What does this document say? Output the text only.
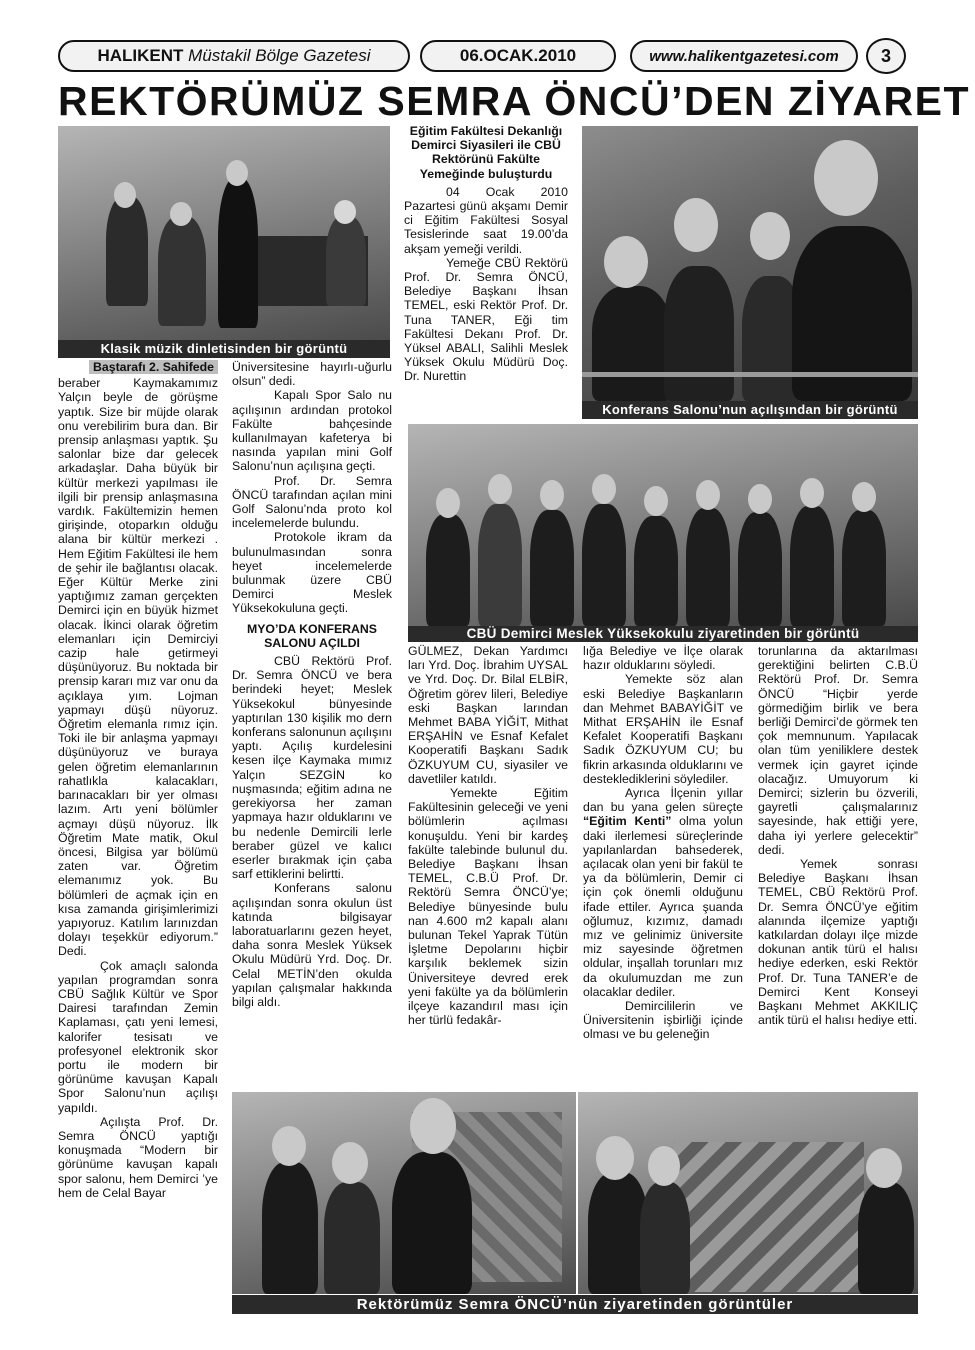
HALIKENT
Müstakil Bölge Gazetesi	06.OCAK.2010	www.halikentgazetesi.com 3
REKTÖRÜMÜZ SEMRA ÖNCÜ’DEN ZİYARET
Klasik müzik dinletisinden bir görüntü
Konferans Salonu’nun açılışından bir görüntü
CBÜ Demirci Meslek Yüksekokulu ziyaretinden bir görüntü
Rektörümüz Semra ÖNCÜ’nün ziyaretinden görüntüler
Baştarafı 2. Sahifede

beraber Kaymakamımız Yalçın beyle de görüşme yaptık. Size bir müjde olarak onu verebilirim bura dan. Bir prensip anlaşması yaptık. Şu salonlar bize dar gelecek arkadaşlar. Daha büyük bir kültür merkezi yapılması ile ilgili bir prensip anlaşmasına vardık. Fakültemizin hemen girişinde, otoparkın olduğu alana bir kültür merkezi . Hem Eğitim Fakültesi ile hem de şehir ile bağlantısı olacak. Eğer Kültür Merke zini yaptığımız zaman gerçekten Demirci için en büyük hizmet olacak. İkinci olarak öğretim elemanları için Demirciyi cazip hale getirmeyi düşünüyoruz. Bu noktada bir prensip kararı mız var onu da açıklaya yım. Lojman yapmayı düşü nüyoruz. Öğretim elemanla rımız için. Toki ile bir anlaşma yapmayı düşünüyoruz ve buraya gelen öğretim elemanlarının rahatlıkla kalacakları, barınacakları bir yer olması lazım. Artı yeni bölümler açmayı düşü nüyoruz. İlk Öğretim Mate matik, Okul öncesi, Bilgisa yar bölümü zaten var. Öğretim elemanımız yok. Bu bölümleri de açmak için en kısa zamanda girişimlerimizi yapıyoruz. Katılım larınızdan dolayı teşekkür ediyorum.” Dedi.

Çok amaçlı salonda yapılan programdan sonra CBÜ Sağlık Kültür ve Spor Dairesi tarafından Zemin Kaplaması, çatı yeni lemesi, kalorifer tesisatı ve profesyonel elektronik skor portu ile modern bir görünüme kavuşan Kapalı Spor Salonu’nun açılışı yapıldı.

Açılışta Prof. Dr. Semra ÖNCÜ yaptığı konuşmada “Modern bir görünüme kavuşan kapalı spor salonu, hem Demirci ’ye hem de Celal Bayar

Üniversitesine hayırlı-uğurlu olsun” dedi.

Kapalı Spor Salo nu açılışının ardından protokol Fakülte bahçesinde kullanılmayan kafeterya bi nasında yapılan mini Golf Salonu’nun açılışına geçti.

Prof. Dr. Semra ÖNCÜ tarafından açılan mini Golf Salonu’nda proto kol incelemelerde bulundu.

Protokole ikram da bulunulmasından sonra heyet incelemelerde bulunmak üzere CBÜ Demirci Meslek Yüksekokuluna geçti.

MYO’DA KONFERANS SALONU AÇILDI

CBÜ Rektörü Prof. Dr. Semra ÖNCÜ ve bera berindeki heyet; Meslek Yüksekokul bünyesinde yaptırılan 130 kişilik mo dern konferans salonunun açılışını yaptı. Açılış kurdelesini kesen ilçe Kaymaka mımız Yalçın SEZGİN ko nuşmasında; eğitim adına ne gerekiyorsa her zaman yapmaya hazır olduklarını ve bu nedenle Demircili lerle beraber güzel ve kalıcı eserler bırakmak için çaba sarf ettiklerini belirtti.

Konferans salonu açılışından sonra okulun üst katında bilgisayar laboratuarlarını gezen heyet, daha sonra Meslek Yüksek Okulu Müdürü Yrd. Doç. Dr. Celal METİN’den okulda yapılan çalışmalar hakkında bilgi aldı.

Eğitim Fakültesi Dekanlığı Demirci Siyasileri ile CBÜ Rektörünü Fakülte Yemeğinde buluşturdu

04 Ocak 2010 Pazartesi günü akşamı Demir ci Eğitim Fakültesi Sosyal Tesislerinde saat 19.00’da akşam yemeği verildi.

Yemeğe CBÜ Rektörü Prof. Dr. Semra ÖNCÜ, Belediye Başkanı İhsan TEMEL, eski Rektör Prof. Dr. Tuna TANER, Eği tim Fakültesi Dekanı Prof. Dr. Yüksel ABALI, Salihli Meslek Yüksek Okulu Müdürü Doç. Dr. Nurettin

GÜLMEZ, Dekan Yardımcı ları Yrd. Doç. İbrahim UYSAL ve Yrd. Doç. Dr. Bilal ELBİR, Öğretim görev lileri, Belediye eski Başkan larından Mehmet BABA YİĞİT, Mithat ERŞAHİN ve Esnaf Kefalet Kooperatifi Başkanı Sadık ÖZKUYUM CU, siyasiler ve davetliler katıldı.

Yemekte Eğitim Fakültesinin geleceği ve yeni bölümlerin açılması konuşuldu. Yeni bir kardeş fakülte talebinde bulunul du. Belediye Başkanı İhsan TEMEL, C.B.Ü Prof. Dr. Rektörü Semra ÖNCÜ’ye; Belediye bünyesinde bulu nan 4.600 m2 kapalı alanı bulunan Tekel Yaprak Tütün İşletme Depolarını hiçbir karşılık beklemek sizin Üniversiteye devred erek yeni fakülte ya da bölümlerin ilçeye kazandırıl ması için her türlü fedakâr-

lığa Belediye ve İlçe olarak hazır olduklarını söyledi.

Yemekte söz alan eski Belediye Başkanların dan Mehmet BABAYİĞİT ve Mithat ERŞAHİN ile Esnaf Kefalet Kooperatifi Başkanı Sadık ÖZKUYUM CU; bu fikrin arkasında olduklarını ve desteklediklerini söylediler.

Ayrıca İlçenin yıllar dan bu yana gelen süreçte “Eğitim Kenti” olma yolun daki ilerlemesi süreçlerinde yapılanlardan bahsederek, açılacak olan yeni bir fakül te ya da bölümlerin, Demir ci için çok önemli olduğunu ifade ettiler. Ayrıca şuanda oğlumuz, kızımız, damadı mız ve gelinimiz üniversite miz sayesinde öğretmen oldular, inşallah torunları mız da okulumuzdan me zun olacaklar dediler.

Demircililerin ve Üniversitenin işbirliği içinde olması ve bu geleneğin

torunlarına da aktarılması gerektiğini belirten C.B.Ü Rektörü Prof. Dr. Semra ÖNCÜ “Hiçbir yerde görmediğim birlik ve bera berliği Demirci’de görmek ten çok memnunum. Yapılacak olan tüm yeniliklere destek vermek için gayret içinde olacağız. Umuyorum ki Demirci; sizlerin bu özverili, gayretli çalışmalarınız sayesinde, hak ettiği yere, daha iyi yerlere gelecektir” dedi.

Yemek sonrası Belediye Başkanı İhsan TEMEL, CBÜ Rektörü Prof. Dr. Semra ÖNCÜ’ye eğitim alanında ilçemize yaptığı katkılardan dolayı ilçe mizde dokunan antik türü el halısı hediye ederken, eski Rektör Prof. Dr. Tuna TANER’e de Demirci Kent Konseyi Başkanı Mehmet AKKILIÇ antik türü el halısı hediye etti.
